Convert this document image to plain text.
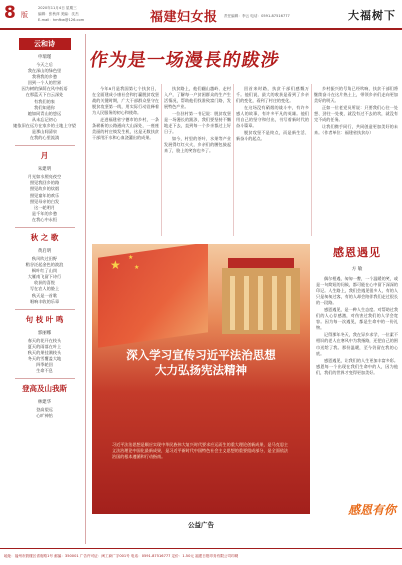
8 版
2020年11月4日 星期三
编辑：张秋萍 美编：沈杰
E-mail：hmfkw@126.com	福建妇女报 责任编辑：李云 电话：0591-87516777	大福树下
云和诗
申瑞瑾
今天之后
我在深山的绿色里
我将我的乡愁
回到一个人的世界
因为树的绿荫在风中低语
在那蓝天下白云深处
有我们的家
我们知道你
她如同青山的悠远
从未忘记初心
她依旧在远方在家乡的土地上守望
是那山间清泉
在我的心里流淌
月
朱建明
月光如水照亮夜空
照见我回乡的路
照见故乡的炊烟
照见童年的欢乐
照见母亲的白发
这一轮明月
是千年的乡愁
在我心中永恒
秋 之 歌
黄启明
秋风吹过田野
稻谷泛起金色的波浪
枫叶红了山岗
大雁南飞留下诗行
收获的喜悦
写在农人的脸上
秋天是一首歌
唱响丰收的乐章
句 枝 叶 鸣
郭丽娜
春天的花开在枝头
夏天的雨落在叶上
秋天的果挂满枝头
冬天的雪覆盖大地
四季轮回
生命不息
登高及山我斯
林建华
登高望远
心旷神怡
作为是一场漫長的跋涉

今年8月是我国第七个扶贫日，在全面建成小康社会和打赢脱贫攻坚战的关键时期，广大干部群众坚守在脱贫攻坚第一线，用实际行动诠释着为人民服务的初心和使命。

走进福建省宁德市的乡村，一条条崭新的公路通向大山深处，一座座美丽的村庄焕发生机，这是无数扶贫干部用汗水和心血浇灌出的成果。

扶贫路上，他们翻山越岭、走村入户，了解每一户贫困群众的生产生活情况，帮助他们找准致富门路，发展特色产业。

一位驻村第一书记说：脱贫攻坚是一场漫长的跋涉，我们要坚持不懈地走下去，直到每一个乡亲都过上好日子。

如今，村里的茶叶、水果等产业发展得红红火火，乡亲们的腰包鼓起来了，脸上的笑容也多了。

回首来时路，扶贫干部们感慨万千。他们说，最大的收获是看到了乡亲们的变化，看到了村庄的变化。

在这场没有硝烟的战斗中，有许多感人的故事，有许多平凡的英雄。他们用自己的坚守和付出，书写着新时代的奋斗篇章。

脱贫攻坚不是终点，而是新生活、新奋斗的起点。

乡村振兴的号角已经吹响，扶贫干部们将继续奋斗在这片热土上，带领乡亲们走向更加美好的明天。

正如一位老党员所说：只要我们心往一处想、劲往一处使，就没有过不去的坎，就没有完不成的任务。

让我们携手同行，共同创造更加美好的未来。（作者单位：福建省扶贫办）

★
★
★
深入学习宣传习近平法治思想
大力弘扬宪法精神
习近平法治思想是顺应实现中华民族伟大复兴时代要求应运而生的重大理论创新成果，是马克思主义法治理论中国化最新成果，是习近平新时代中国特色社会主义思想的重要组成部分，是全面依法治国的根本遵循和行动指南。
公益广告
感恩遇见
方 敏

偶尔相遇，匆匆一瞥，一个温暖的笑，或是一句简短的问候，都可能在心中留下深深的印记。人生路上，我们会遇见很多人，有的人只是匆匆过客，有的人却会陪伴我们走过很长的一段路。

感恩遇见，是一种人生态度。对帮助过我们的人心存感激，对伤害过我们的人学会宽容。因为每一次遇见，都是生命中的一份礼物。

记得那年冬天，我在异乡求学，一位素不相识的老人在寒风中为我指路，还把自己的围巾送给了我。那份温暖，至今仍留在我的心底。

感恩遇见，让我们的人生更加丰富多彩。感恩每一个出现在我们生命中的人，因为他们，我们的世界才变得更加美好。

感恩有你
地址：福州市鼓楼区省府路1号 邮编：350001 广告许可证：闽工商广字001号 电话：0591-87516777 定价：1.50元 福建日报印务有限公司印刷
